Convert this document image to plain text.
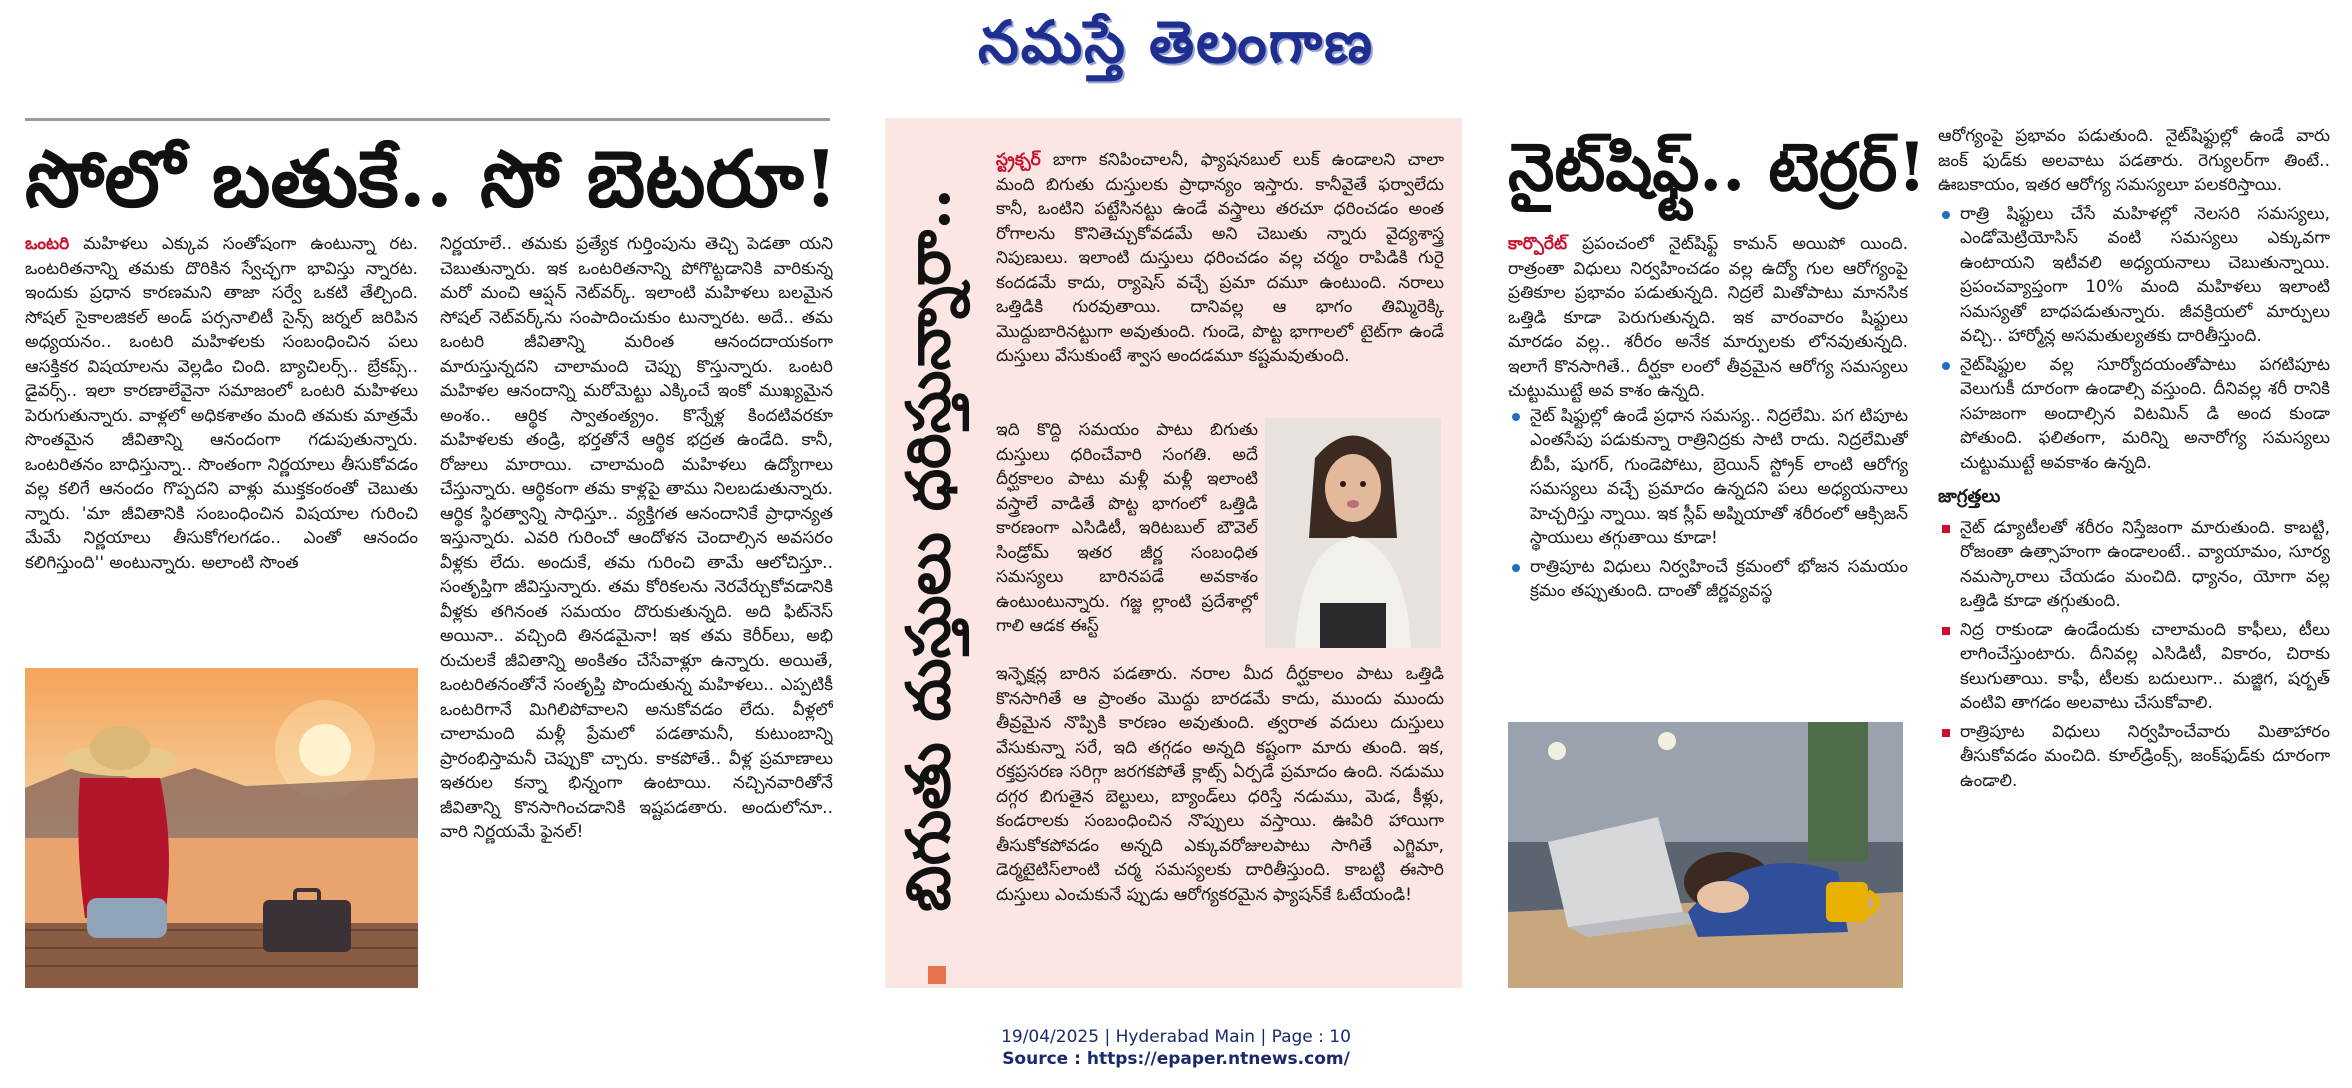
నమస్తే తెలంగాణ
సోలో బతుకే.. సో బెటరూ!
ఒంటరి మహిళలు ఎక్కువ సంతోషంగా ఉంటున్నా రట. ఒంటరితనాన్ని తమకు దొరికిన స్వేచ్ఛగా భావిస్తు న్నారట. ఇందుకు ప్రధాన కారణమని తాజా సర్వే ఒకటి తేల్చింది. సోషల్ సైకాలజికల్ అండ్ పర్సనాలిటీ సైన్స్ జర్నల్ జరిపిన అధ్యయనం.. ఒంటరి మహిళలకు సంబంధించిన పలు ఆసక్తికర విషయాలను వెల్లడిం చింది. బ్యాచిలర్స్.. బ్రేకప్స్.. డైవర్స్.. ఇలా కారణాలేవైనా సమాజంలో ఒంటరి మహిళలు పెరుగుతున్నారు. వాళ్లలో అధికశాతం మంది తమకు మాత్రమే సొంతమైన జీవితాన్ని ఆనందంగా గడుపుతున్నారు. ఒంటరితనం బాధిస్తున్నా.. సొంతంగా నిర్ణయాలు తీసుకోవడం వల్ల కలిగే ఆనందం గొప్పదని వాళ్లు ముక్తకంఠంతో చెబుతు న్నారు. 'మా జీవితానికి సంబంధించిన విషయాల గురించి మేమే నిర్ణయాలు తీసుకోగలగడం.. ఎంతో ఆనందం కలిగిస్తుంది'' అంటున్నారు. అలాంటి సొంత
నిర్ణయాలే.. తమకు ప్రత్యేక గుర్తింపును తెచ్చి పెడతా యని చెబుతున్నారు. ఇక ఒంటరితనాన్ని పోగొట్టడానికి వారికున్న మరో మంచి ఆప్షన్ నెట్‌వర్క్. ఇలాంటి మహిళలు బలమైన సోషల్ నెట్‌వర్క్‌ను సంపాదించుకుం టున్నారట. అదే.. తమ ఒంటరి జీవితాన్ని మరింత ఆనందదాయకంగా మారుస్తున్నదని చాలామంది చెప్పు కొస్తున్నారు. ఒంటరి మహిళల ఆనందాన్ని మరోమెట్టు ఎక్కించే ఇంకో ముఖ్యమైన అంశం.. ఆర్థిక స్వాతంత్య్రం. కొన్నేళ్ల కిందటివరకూ మహిళలకు తండ్రి, భర్తతోనే ఆర్థిక భద్రత ఉండేది. కానీ, రోజులు మారాయి. చాలామంది మహిళలు ఉద్యోగాలు చేస్తున్నారు. ఆర్థికంగా తమ కాళ్లపై తాము నిలబడుతున్నారు. ఆర్థిక స్థిరత్వాన్ని సాధిస్తూ.. వ్యక్తిగత ఆనందానికే ప్రాధాన్యత ఇస్తున్నారు. ఎవరి గురించో ఆందోళన చెందాల్సిన అవసరం వీళ్లకు లేదు. అందుకే, తమ గురించి తామే ఆలోచిస్తూ.. సంతృప్తిగా జీవిస్తున్నారు. తమ కోరికలను నెరవేర్చుకోవడానికి వీళ్లకు తగినంత సమయం దొరుకుతున్నది. అది ఫిట్‌నెస్ అయినా.. వచ్చింది తినడమైనా! ఇక తమ కెరీర్‌లు, అభి రుచులకే జీవితాన్ని అంకితం చేసేవాళ్లూ ఉన్నారు. అయితే, ఒంటరితనంతోనే సంతృప్తి పొందుతున్న మహిళలు.. ఎప్పటికీ ఒంటరిగానే మిగిలిపోవాలని అనుకోవడం లేదు. వీళ్లలో చాలామంది మళ్లీ ప్రేమలో పడతామనీ, కుటుంబాన్ని ప్రారంభిస్తామనీ చెప్పుకొ చ్చారు. కాకపోతే.. వీళ్ల ప్రమాణాలు ఇతరుల కన్నా భిన్నంగా ఉంటాయి. నచ్చినవారితోనే జీవితాన్ని కొనసాగించడానికి ఇష్టపడతారు. అందులోనూ.. వారి నిర్ణయమే ఫైనల్!	బిగుతు దుస్తులు ధరిస్తున్నారా..
స్ట్రక్చర్ బాగా కనిపించాలనీ, ఫ్యాషనబుల్ లుక్ ఉండాలని చాలా మంది బిగుతు దుస్తులకు ప్రాధాన్యం ఇస్తారు. కానీవైతే ఫర్వాలేదు కానీ, ఒంటిని పట్టేసినట్టు ఉండే వస్త్రాలు తరచూ ధరించడం అంత రోగాలను కొనితెచ్చుకోవడమే అని చెబుతు న్నారు వైద్యశాస్త్ర నిపుణులు. ఇలాంటి దుస్తులు ధరించడం వల్ల చర్మం రాపిడికి గురై కందడమే కాదు, ర్యాషెస్ వచ్చే ప్రమా దమూ ఉంటుంది. నరాలు ఒత్తిడికి గురవుతాయి. దానివల్ల ఆ భాగం తిమ్మిరెక్కి మొద్దుబారినట్టుగా అవుతుంది. గుండె, పొట్ట భాగాలలో టైట్‌గా ఉండే దుస్తులు వేసుకుంటే శ్వాస అందడమూ కష్టమవుతుంది.
ఇది కొద్ది సమయం పాటు బిగుతు దుస్తులు ధరించేవారి సంగతి. అదే దీర్ఘకాలం పాటు మళ్లీ మళ్లీ ఇలాంటి వస్త్రాలే వాడితే పొట్ట భాగంలో ఒత్తిడి కారణంగా ఎసిడిటీ, ఇరిటబుల్ బౌవెల్ సిండ్రోమ్ ఇతర జీర్ణ సంబంధిత సమస్యలు బారినపడే అవకాశం ఉంటుంటున్నారు. గజ్జ ల్లాంటి ప్రదేశాల్లో గాలి ఆడక ఈస్ట్
ఇన్ఫెక్షన్ల బారిన పడతారు. నరాల మీద దీర్ఘకాలం పాటు ఒత్తిడి కొనసాగితే ఆ ప్రాంతం మొద్దు బారడమే కాదు, ముందు ముందు తీవ్రమైన నొప్పికి కారణం అవుతుంది. త్వరాత వదులు దుస్తులు వేసుకున్నా సరే, ఇది తగ్గడం అన్నది కష్టంగా మారు తుంది. ఇక, రక్తప్రసరణ సరిగ్గా జరగకపోతే క్లాట్స్ ఏర్పడే ప్రమాదం ఉంది. నడుము దగ్గర బిగుతైన బెల్టులు, బ్యాండ్‌లు ధరిస్తే నడుము, మెడ, కీళ్లు, కండరాలకు సంబంధించిన నొప్పులు వస్తాయి. ఊపిరి హాయిగా తీసుకోకపోవడం అన్నది ఎక్కువరోజులపాటు సాగితే ఎగ్జిమా, డెర్మటైటిస్‌లాంటి చర్మ సమస్యలకు దారితీస్తుంది. కాబట్టి ఈసారి దుస్తులు ఎంచుకునే ప్పుడు ఆరోగ్యకరమైన ఫ్యాషన్‌కే ఓటేయండి!
నైట్‌షిఫ్ట్.. టెర్రర్!

కార్పొరేట్ ప్రపంచంలో నైట్‌షిఫ్ట్ కామన్ అయిపో యింది. రాత్రంతా విధులు నిర్వహించడం వల్ల ఉద్యో గుల ఆరోగ్యంపై ప్రతికూల ప్రభావం పడుతున్నది. నిద్రలే మితోపాటు మానసిక ఒత్తిడి కూడా పెరుగుతున్నది. ఇక వారంవారం షిఫ్టులు మారడం వల్ల.. శరీరం అనేక మార్పులకు లోనవుతున్నది. ఇలాగే కొనసాగితే.. దీర్ఘకా లంలో తీవ్రమైన ఆరోగ్య సమస్యలు చుట్టుముట్టే అవ కాశం ఉన్నది.

నైట్ షిఫ్టుల్లో ఉండే ప్రధాన సమస్య.. నిద్రలేమి. పగ టిపూట ఎంతసేపు పడుకున్నా రాత్రినిద్రకు సాటి రాదు. నిద్రలేమితో బీపీ, షుగర్, గుండెపోటు, బ్రెయిన్ స్ట్రోక్ లాంటి ఆరోగ్య సమస్యలు వచ్చే ప్రమాదం ఉన్నదని పలు అధ్యయనాలు హెచ్చరిస్తు న్నాయి. ఇక స్లీప్ అప్నియాతో శరీరంలో ఆక్సిజన్ స్థాయులు తగ్గుతాయి కూడా!
రాత్రిపూట విధులు నిర్వహించే క్రమంలో భోజన సమయం క్రమం తప్పుతుంది. దాంతో జీర్ణవ్యవస్థ

ఆరోగ్యంపై ప్రభావం పడుతుంది. నైట్‌షిఫ్టుల్లో ఉండే వారు జంక్ ఫుడ్‌కు అలవాటు పడతారు. రెగ్యులర్‌గా తింటే.. ఊబకాయం, ఇతర ఆరోగ్య సమస్యలూ పలకరిస్తాయి.

రాత్రి షిఫ్టులు చేసే మహిళల్లో నెలసరి సమస్యలు, ఎండోమెట్రియోసిస్ వంటి సమస్యలు ఎక్కువగా ఉంటాయని ఇటీవలి అధ్యయనాలు చెబుతున్నాయి. ప్రపంచవ్యాప్తంగా 10% మంది మహిళలు ఇలాంటి సమస్యతో బాధపడుతున్నారు. జీవక్రియలో మార్పులు వచ్చి.. హార్మోన్ల అసమతుల్యతకు దారితీస్తుంది.
నైట్‌షిఫ్టుల వల్ల సూర్యోదయంతోపాటు పగటిపూట వెలుగుకీ దూరంగా ఉండాల్సి వస్తుంది. దీనివల్ల శరీ రానికి సహజంగా అందాల్సిన విటమిన్ డి అంద కుండా పోతుంది. ఫలితంగా, మరిన్ని అనారోగ్య సమస్యలు చుట్టుముట్టే అవకాశం ఉన్నది.
జాగ్రత్తలు
నైట్ డ్యూటీలతో శరీరం నిస్తేజంగా మారుతుంది. కాబట్టి, రోజంతా ఉత్సాహంగా ఉండాలంటే.. వ్యాయామం, సూర్య నమస్కారాలు చేయడం మంచిది. ధ్యానం, యోగా వల్ల ఒత్తిడి కూడా తగ్గుతుంది.
నిద్ర రాకుండా ఉండేందుకు చాలామంది కాఫీలు, టీలు లాగించేస్తుంటారు. దీనివల్ల ఎసిడిటీ, వికారం, చిరాకు కలుగుతాయి. కాఫీ, టీలకు బదులుగా.. మజ్జిగ, షర్బత్ వంటివి తాగడం అలవాటు చేసుకోవాలి.
రాత్రిపూట విధులు నిర్వహించేవారు మితాహారం తీసుకోవడం మంచిది. కూల్‌డ్రింక్స్, జంక్‌ఫుడ్‌కు దూరంగా ఉండాలి.
19/04/2025 | Hyderabad Main | Page : 10
Source : https://epaper.ntnews.com/
